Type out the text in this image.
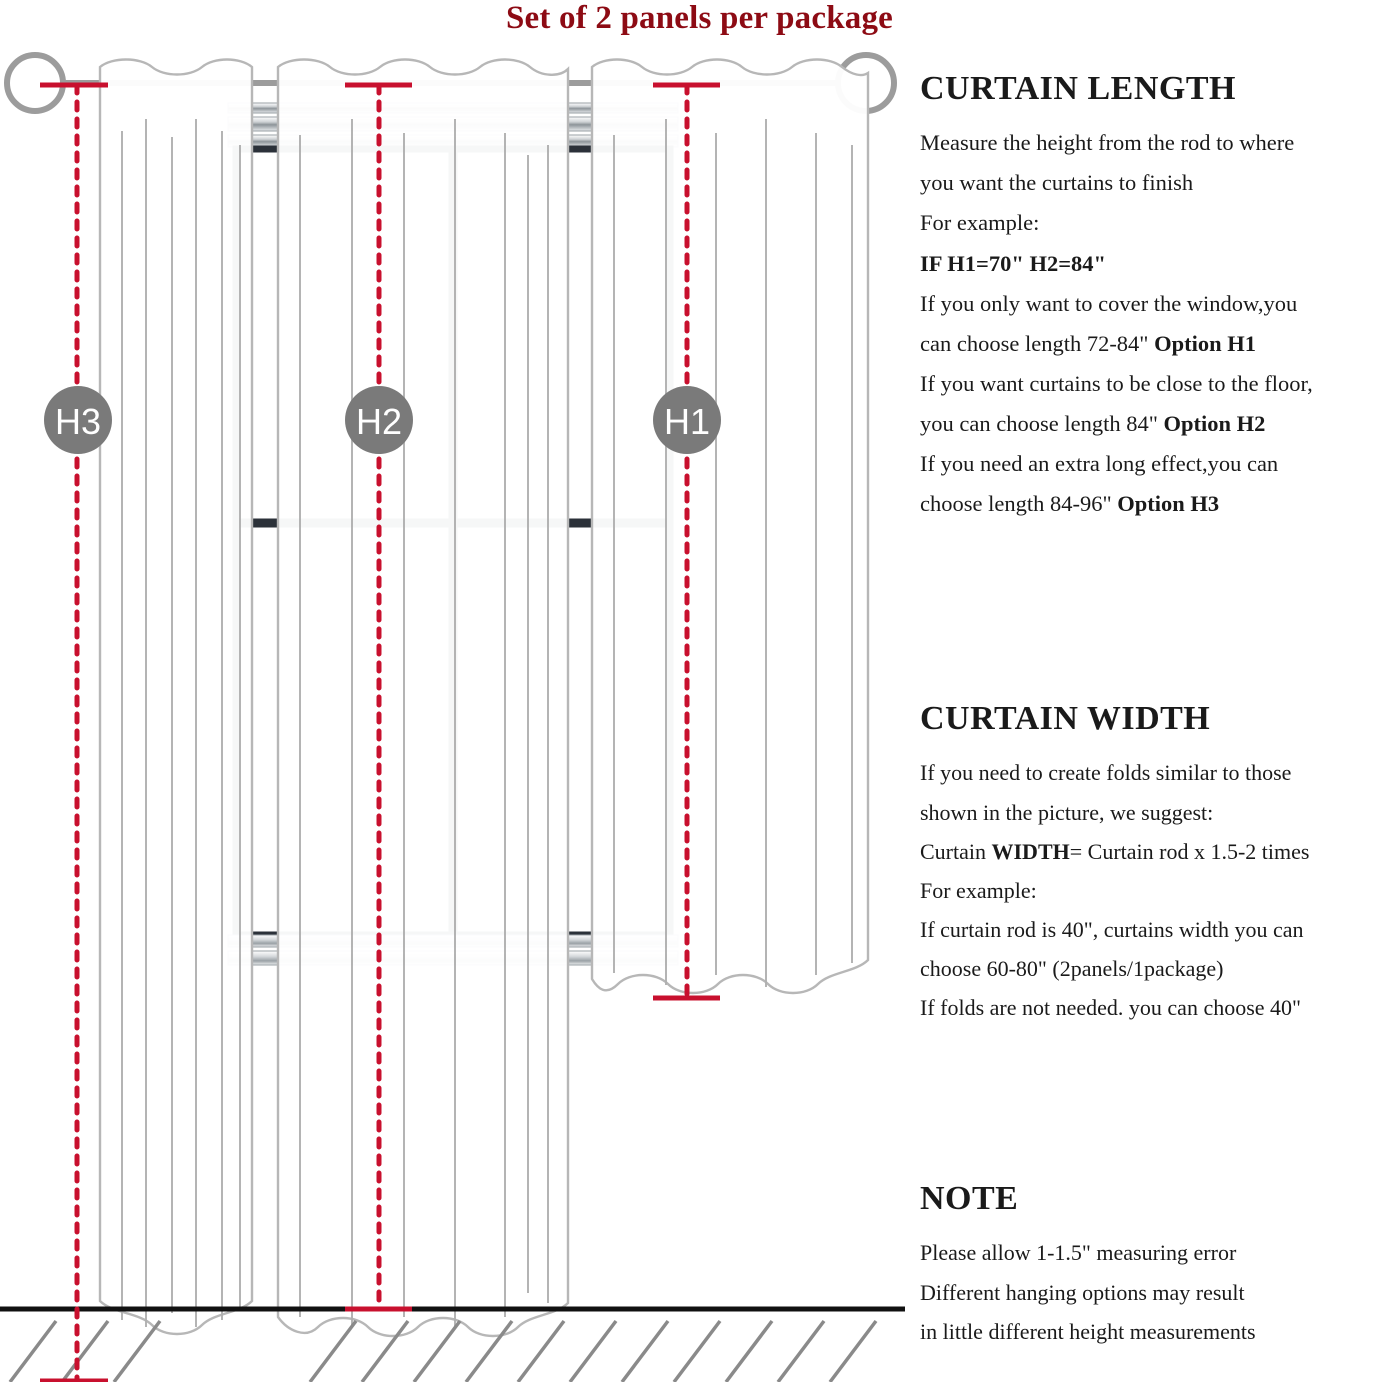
Set of 2 panels per package
H3	H2	H1
CURTAIN LENGTH

Measure the height from the rod to where
you want the curtains to finish
For example:
IF H1=70" H2=84"
If you only want to cover the window,you
can choose length 72-84" Option H1
If you want curtains to be close to the floor,
you can choose length 84" Option H2
If you need an extra long effect,you can
choose length 84-96" Option H3

CURTAIN WIDTH

If you need to create folds similar to those
shown in the picture, we suggest:
Curtain WIDTH= Curtain rod x 1.5-2 times
For example:
If curtain rod is 40", curtains width you can
choose 60-80" (2panels/1package)
If folds are not needed. you can choose 40"

NOTE

Please allow 1-1.5" measuring error
Different hanging options may result
in little different height measurements
